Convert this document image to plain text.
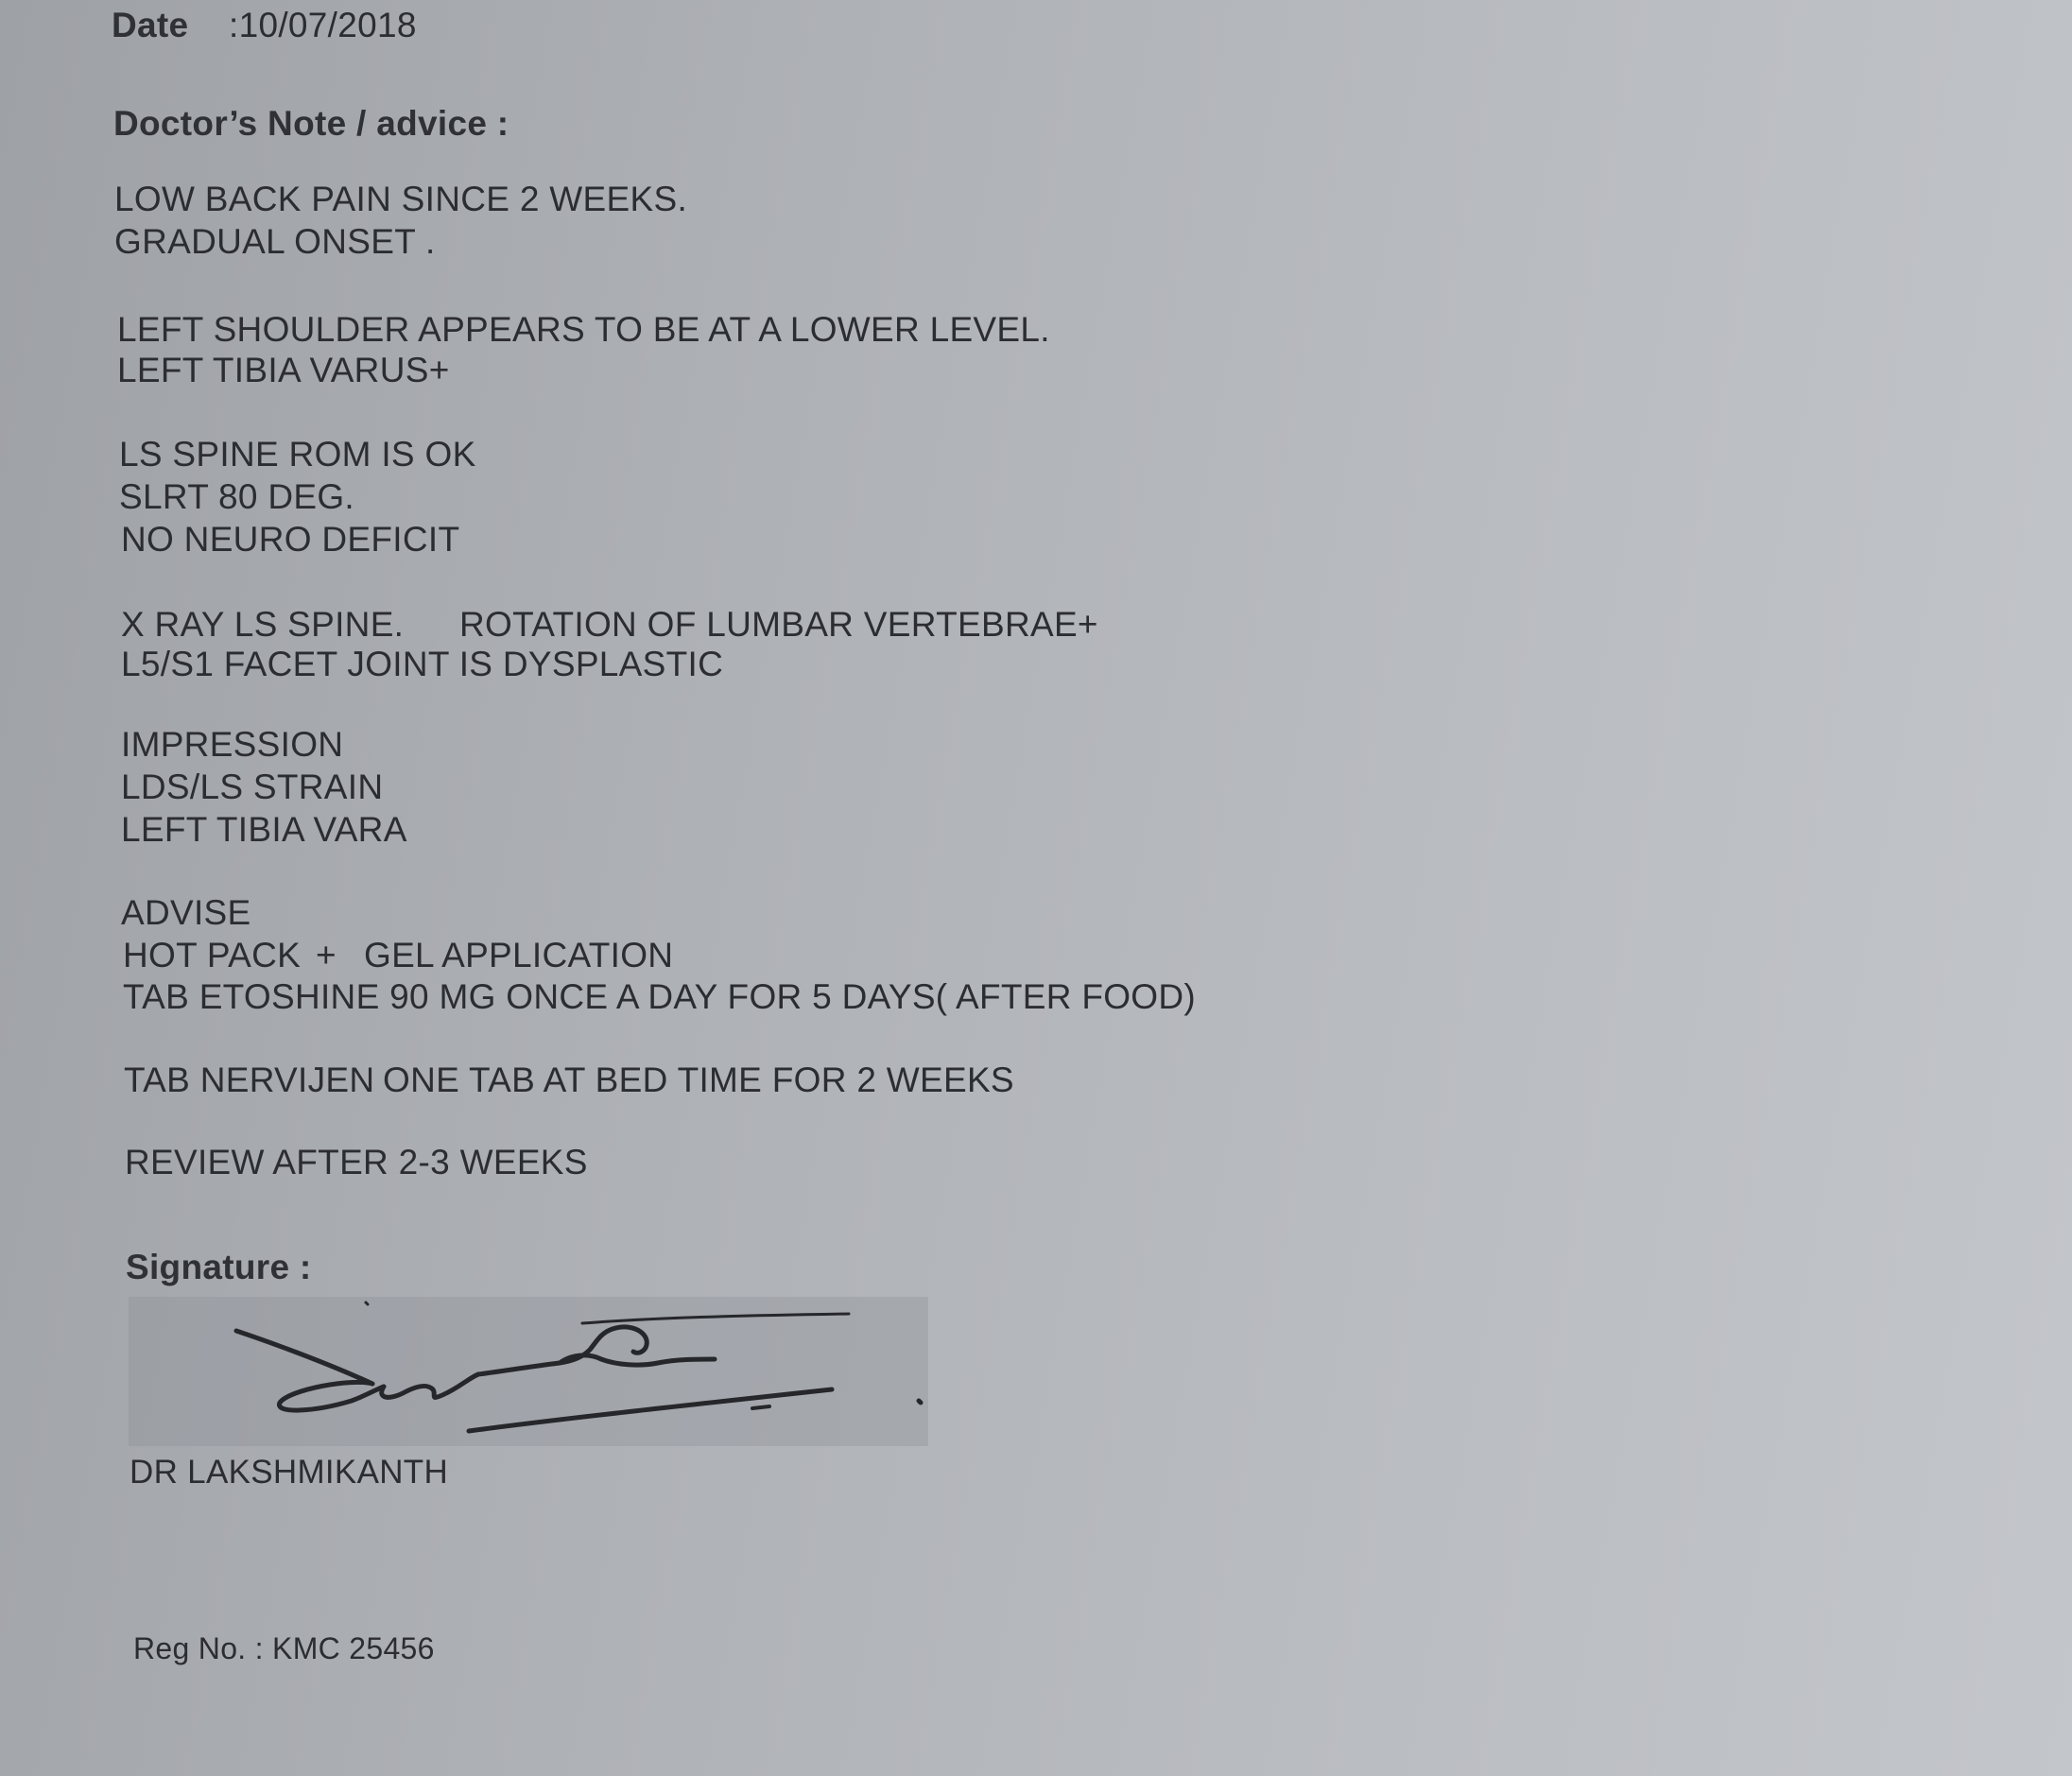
Date :10/07/2018
Doctor’s Note / advice :
LOW BACK PAIN SINCE 2 WEEKS.
GRADUAL ONSET .
LEFT SHOULDER APPEARS TO BE AT A LOWER LEVEL.
LEFT TIBIA VARUS+
LS SPINE ROM IS OK
SLRT 80 DEG.
NO NEURO DEFICIT
X RAY LS SPINE. ROTATION OF LUMBAR VERTEBRAE+
L5/S1 FACET JOINT IS DYSPLASTIC
IMPRESSION
LDS/LS STRAIN
LEFT TIBIA VARA
ADVISE
HOT PACK + GEL APPLICATION
TAB ETOSHINE 90 MG ONCE A DAY FOR 5 DAYS( AFTER FOOD)
TAB NERVIJEN ONE TAB AT BED TIME FOR 2 WEEKS
REVIEW AFTER 2-3 WEEKS
Signature :
DR LAKSHMIKANTH
Reg No. : KMC 25456
